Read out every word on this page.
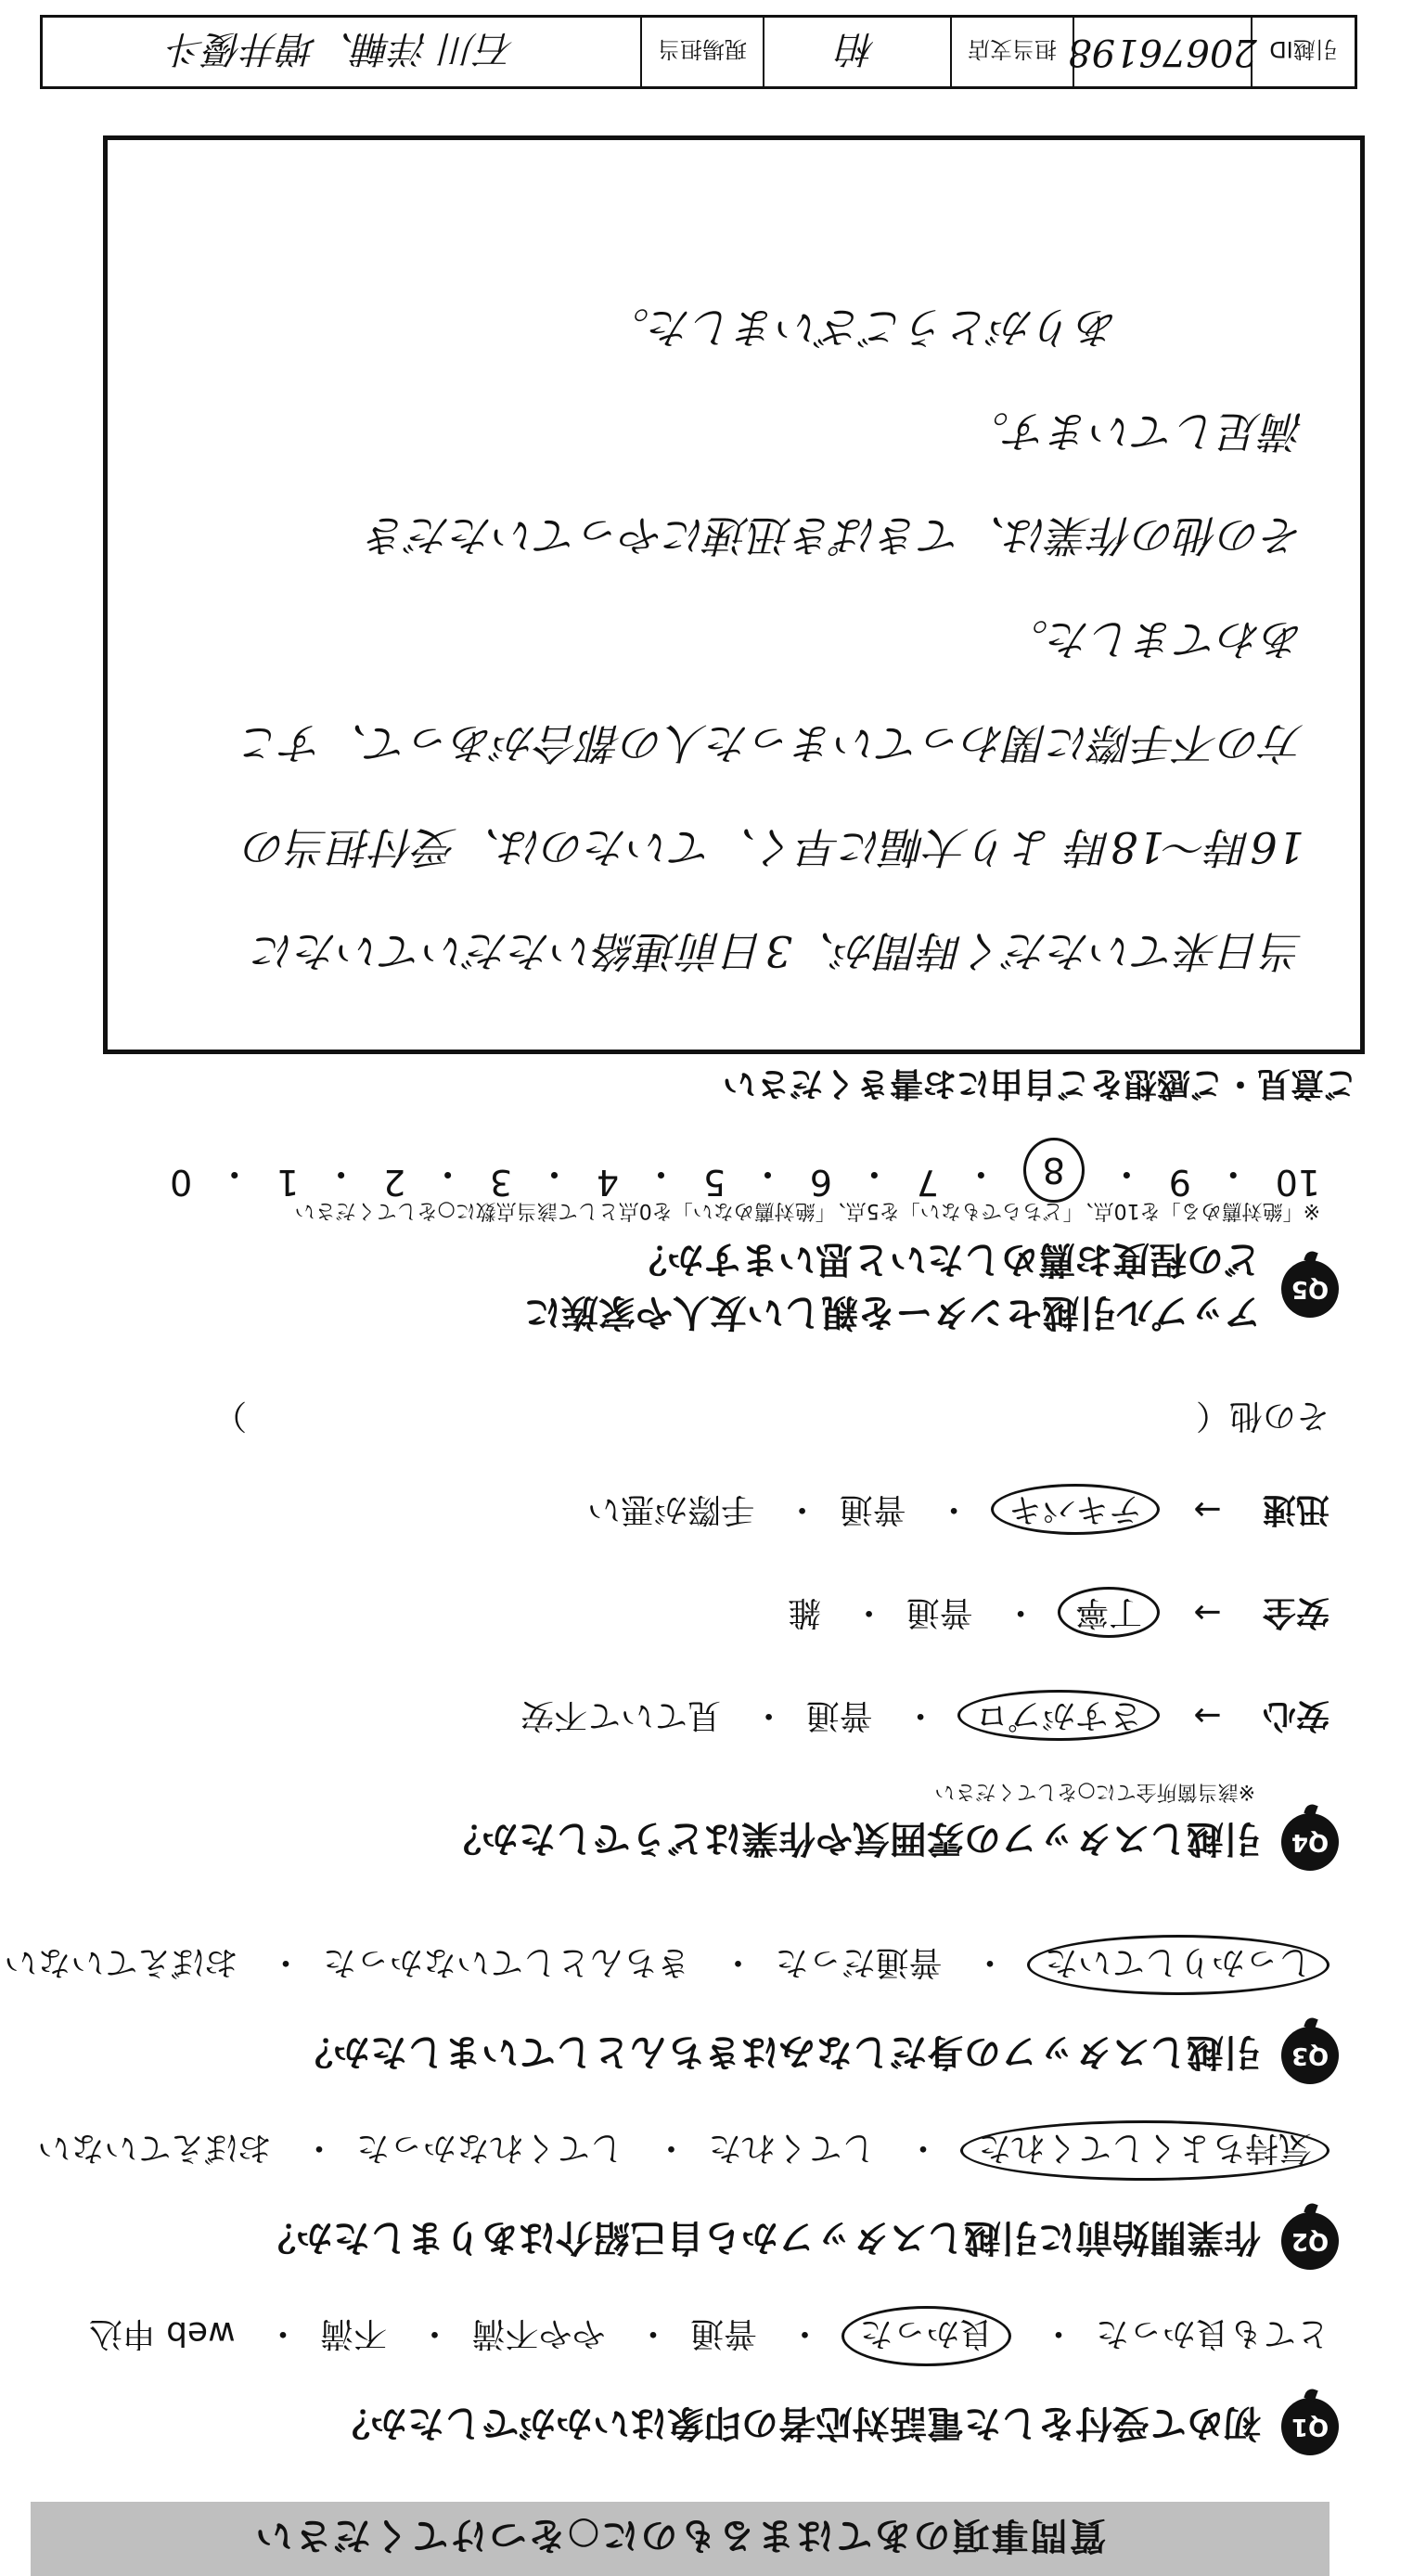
質問事項のあてはまるものに○をつけてください
Q1
初めて受付をした電話対応者の印象はいかがでしたか？
とても良かった・ 良かった・ 普通・ やや不満・ 不満・ web 申込
Q2
作業開始前に引越しスタッフから自己紹介はありましたか？
気持ちよくしてくれた・ してくれた・ してくれなかった・ おぼえていない
Q3
引越しスタッフの身だしなみはきちんとしていましたか？
しっかりしていた・ 普通だった・ きちんとしていなかった・ おぼえていない
Q4
引越しスタッフの雰囲気や作業はどうでしたか？
※該当箇所全てに○をしてください
安心 → さすがプロ・ 普通・ 見ていて不安
安全 → 丁寧・ 普通・ 雑
迅速 → テキパキ・ 普通・ 手際が悪い
その他（  ）
Q5
アップル引越センターを親しい友人や家族に
どの程度お薦めしたいと思いますか？
※「絶対薦める」を10点、「どちらでもない」を5点、「絶対薦めない」を0点として該当点数に○をしてください
10
・
9
・
8
・
7
・
6
・
5
・
4
・
3
・
2
・
1
・
0
ご意見・ご感想をご自由にお書きください
当日来ていただく時間が、3日前連絡いただいていたに
16時～18時 より大幅に早く、ていたのは、受付担当の
方の不手際に関わっていまった人の都合があって、すこ
あわてました。
その他の作業は、てきぱき迅速にやっていただき
満足しています。
ありがとうございました。
引越ID
20676198
担当支店
柏
現場担当
石川 洋輔、増井優斗
